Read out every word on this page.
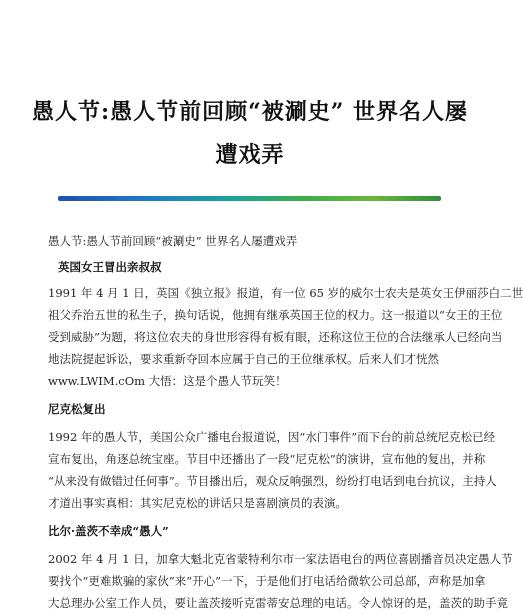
愚人节:愚人节前回顾“被涮史” 世界名人屡
遭戏弄

愚人节:愚人节前回顾“被涮史” 世界名人屡遭戏弄

英国女王冒出亲叔叔

1991 年 4 月 1 日，英国《独立报》报道，有一位 65 岁的威尔士农夫是英女王伊丽莎白二世
祖父乔治五世的私生子，换句话说，他拥有继承英国王位的权力。这一报道以“女王的王位
受到威胁”为题，将这位农夫的身世形容得有板有眼，还称这位王位的合法继承人已经向当
地法院提起诉讼，要求重新夺回本应属于自己的王位继承权。后来人们才恍然
www.LWIM.cOm 大悟：这是个愚人节玩笑！

尼克松复出

1992 年的愚人节，美国公众广播电台报道说，因“水门事件”而下台的前总统尼克松已经
宣布复出，角逐总统宝座。节目中还播出了一段“尼克松”的演讲，宣布他的复出，并称
“从来没有做错过任何事”。节目播出后，观众反响强烈，纷纷打电话到电台抗议，主持人
才道出事实真相：其实尼克松的讲话只是喜剧演员的表演。

比尔·盖茨不幸成“愚人”

2002 年 4 月 1 日，加拿大魁北克省蒙特利尔市一家法语电台的两位喜剧播音员决定愚人节
要找个“更难欺骗的家伙”来“开心”一下，于是他们打电话给微软公司总部，声称是加拿
大总理办公室工作人员，要让盖茨接听克雷蒂安总理的电话。令人惊讶的是，盖茨的助手竟
